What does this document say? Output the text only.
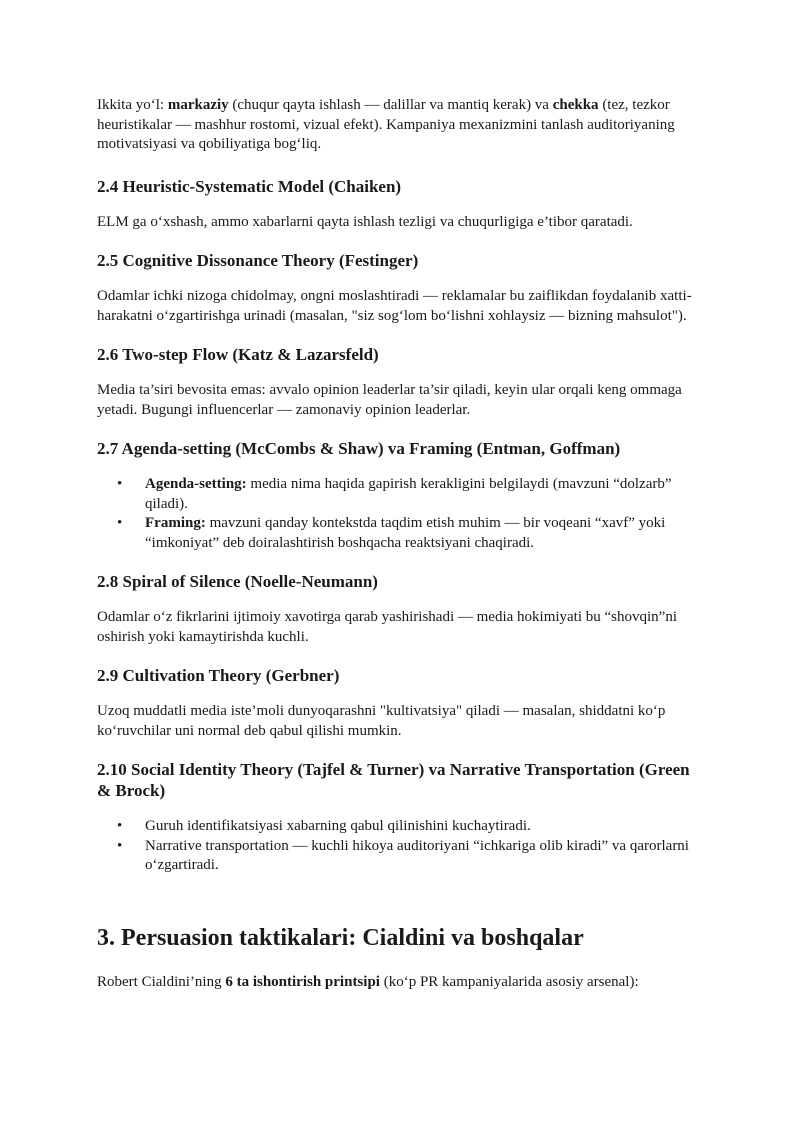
Ikkita yo‘l: markaziy (chuqur qayta ishlash — dalillar va mantiq kerak) va chekka (tez, tezkor heuristikalar — mashhur rostomi, vizual efekt). Kampaniya mexanizmini tanlash auditoriyaning motivatsiyasi va qobiliyatiga bog‘liq.

2.4 Heuristic-Systematic Model (Chaiken)

ELM ga o‘xshash, ammo xabarlarni qayta ishlash tezligi va chuqurligiga e’tibor qaratadi.

2.5 Cognitive Dissonance Theory (Festinger)

Odamlar ichki nizoga chidolmay, ongni moslashtiradi — reklamalar bu zaiflikdan foydalanib xatti-harakatni o‘zgartirishga urinadi (masalan, "siz sog‘lom bo‘lishni xohlaysiz — bizning mahsulot").

2.6 Two-step Flow (Katz & Lazarsfeld)

Media ta’siri bevosita emas: avvalo opinion leaderlar ta’sir qiladi, keyin ular orqali keng ommaga yetadi. Bugungi influencerlar — zamonaviy opinion leaderlar.

2.7 Agenda-setting (McCombs & Shaw) va Framing (Entman, Goffman)
• Agenda-setting: media nima haqida gapirish kerakligini belgilaydi (mavzuni “dolzarb” qiladi).
• Framing: mavzuni qanday kontekstda taqdim etish muhim — bir voqeani “xavf” yoki “imkoniyat” deb doiralashtirish boshqacha reaktsiyani chaqiradi.
2.8 Spiral of Silence (Noelle-Neumann)

Odamlar o‘z fikrlarini ijtimoiy xavotirga qarab yashirishadi — media hokimiyati bu “shovqin”ni oshirish yoki kamaytirishda kuchli.

2.9 Cultivation Theory (Gerbner)

Uzoq muddatli media iste’moli dunyoqarashni "kultivatsiya" qiladi — masalan, shiddatni ko‘p ko‘ruvchilar uni normal deb qabul qilishi mumkin.

2.10 Social Identity Theory (Tajfel & Turner) va Narrative Transportation (Green & Brock)
• Guruh identifikatsiyasi xabarning qabul qilinishini kuchaytiradi.
• Narrative transportation — kuchli hikoya auditoriyani “ichkariga olib kiradi” va qarorlarni o‘zgartiradi.
3. Persuasion taktikalari: Cialdini va boshqalar

Robert Cialdini’ning 6 ta ishontirish printsipi (ko‘p PR kampaniyalarida asosiy arsenal):
